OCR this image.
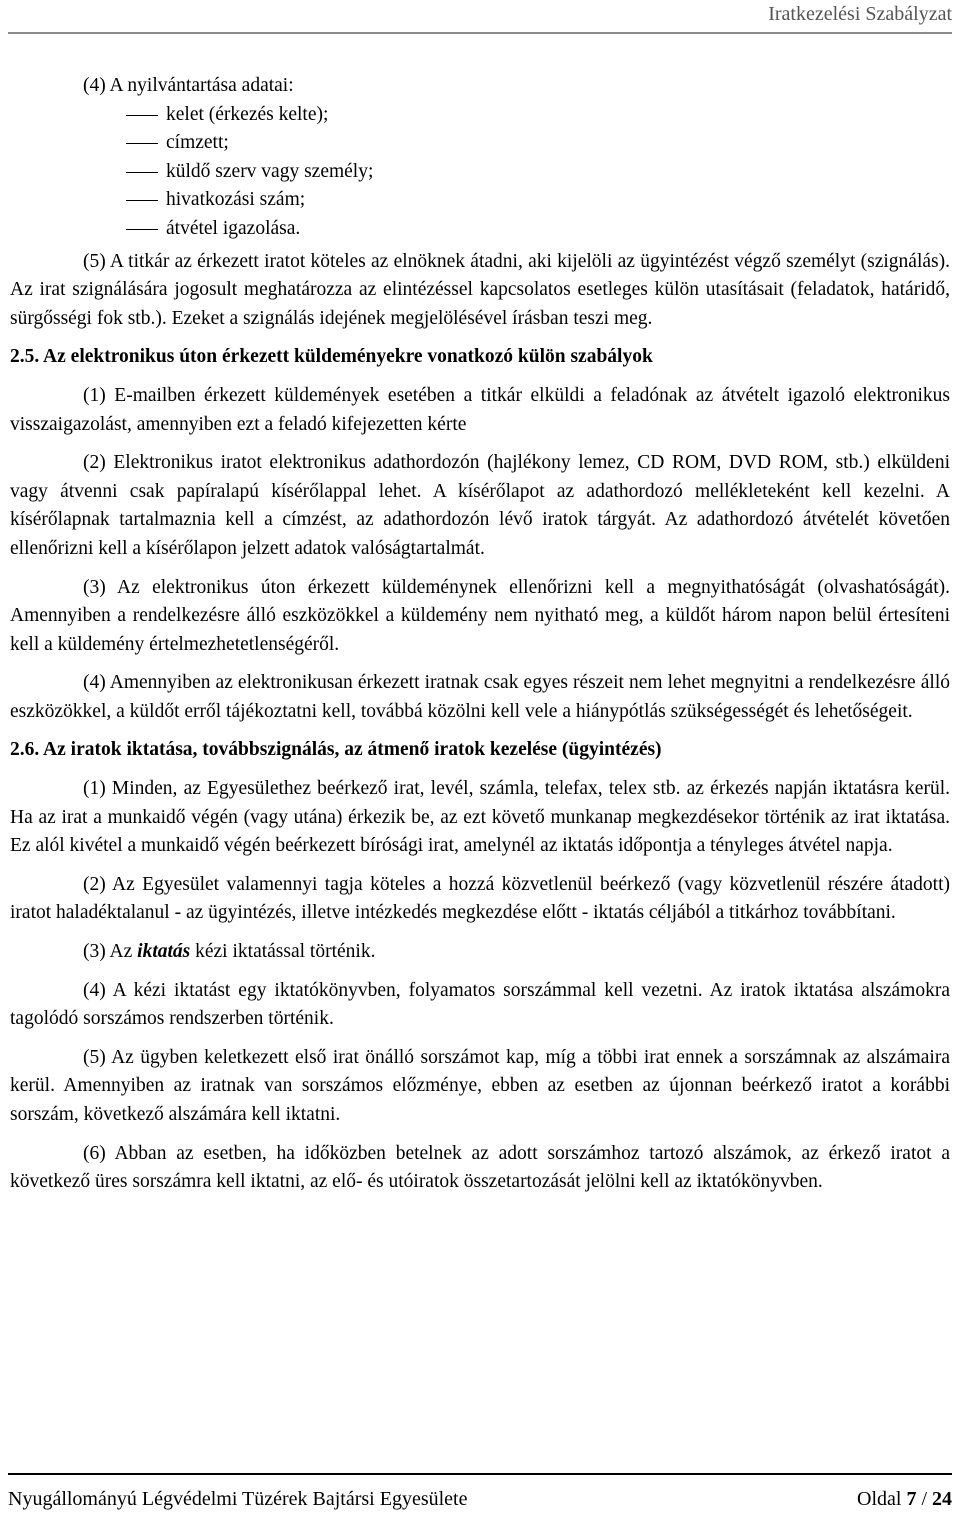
Iratkezelési Szabályzat

(4) A nyilvántartása adatai:

kelet (érkezés kelte);
címzett;
küldő szerv vagy személy;
hivatkozási szám;
átvétel igazolása.

(5) A titkár az érkezett iratot köteles az elnöknek átadni, aki kijelöli az ügyintézést végző személyt (szignálás). Az irat szignálására jogosult meghatározza az elintézéssel kapcsolatos esetleges külön utasításait (feladatok, határidő, sürgősségi fok stb.). Ezeket a szignálás idejének megjelölésével írásban teszi meg.

2.5. Az elektronikus úton érkezett küldeményekre vonatkozó külön szabályok

(1) E-mailben érkezett küldemények esetében a titkár elküldi a feladónak az átvételt igazoló elektronikus visszaigazolást, amennyiben ezt a feladó kifejezetten kérte

(2) Elektronikus iratot elektronikus adathordozón (hajlékony lemez, CD ROM, DVD ROM, stb.) elküldeni vagy átvenni csak papíralapú kísérőlappal lehet. A kísérőlapot az adathordozó mellékleteként kell kezelni. A kísérőlapnak tartalmaznia kell a címzést, az adathordozón lévő iratok tárgyát. Az adathordozó átvételét követően ellenőrizni kell a kísérőlapon jelzett adatok valóságtartalmát.

(3) Az elektronikus úton érkezett küldeménynek ellenőrizni kell a megnyithatóságát (olvashatóságát). Amennyiben a rendelkezésre álló eszközökkel a küldemény nem nyitható meg, a küldőt három napon belül értesíteni kell a küldemény értelmezhetetlenségéről.

(4) Amennyiben az elektronikusan érkezett iratnak csak egyes részeit nem lehet megnyitni a rendelkezésre álló eszközökkel, a küldőt erről tájékoztatni kell, továbbá közölni kell vele a hiánypótlás szükségességét és lehetőségeit.

2.6. Az iratok iktatása, továbbszignálás, az átmenő iratok kezelése (ügyintézés)

(1) Minden, az Egyesülethez beérkező irat, levél, számla, telefax, telex stb. az érkezés napján iktatásra kerül. Ha az irat a munkaidő végén (vagy utána) érkezik be, az ezt követő munkanap megkezdésekor történik az irat iktatása. Ez alól kivétel a munkaidő végén beérkezett bírósági irat, amelynél az iktatás időpontja a tényleges átvétel napja.

(2) Az Egyesület valamennyi tagja köteles a hozzá közvetlenül beérkező (vagy közvetlenül részére átadott) iratot haladéktalanul - az ügyintézés, illetve intézkedés megkezdése előtt - iktatás céljából a titkárhoz továbbítani.

(3) Az iktatás kézi iktatással történik.

(4) A kézi iktatást egy iktatókönyvben, folyamatos sorszámmal kell vezetni. Az iratok iktatása alszámokra tagolódó sorszámos rendszerben történik.

(5) Az ügyben keletkezett első irat önálló sorszámot kap, míg a többi irat ennek a sorszámnak az alszámaira kerül. Amennyiben az iratnak van sorszámos előzménye, ebben az esetben az újonnan beérkező iratot a korábbi sorszám, következő alszámára kell iktatni.

(6) Abban az esetben, ha időközben betelnek az adott sorszámhoz tartozó alszámok, az érkező iratot a következő üres sorszámra kell iktatni, az elő- és utóiratok összetartozását jelölni kell az iktatókönyvben.

Nyugállományú Légvédelmi Tüzérek Bajtársi Egyesülete	Oldal 7 / 24
